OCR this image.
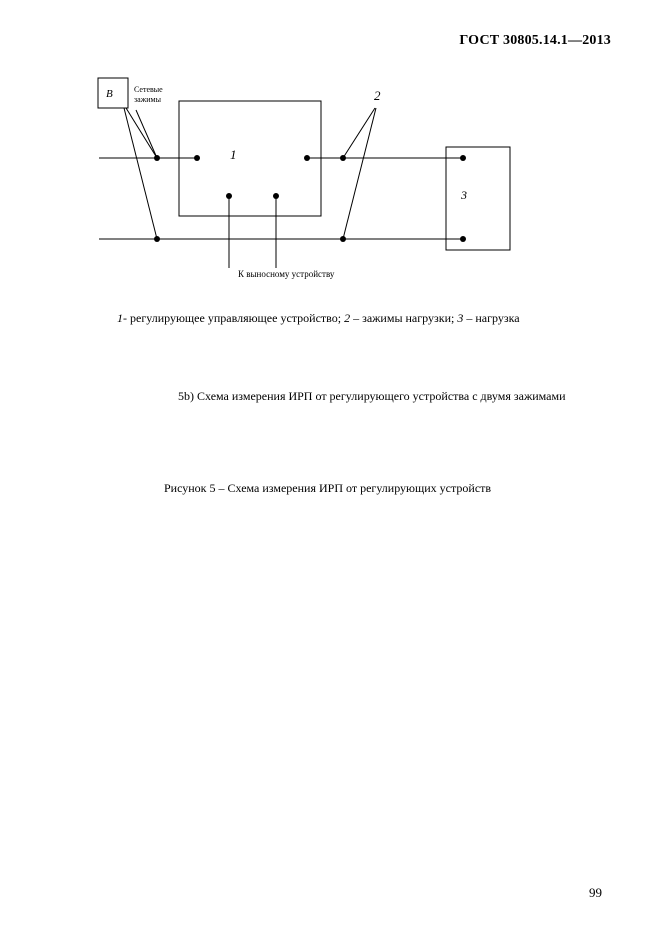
ГОСТ 30805.14.1—2013
B	Сетевые
зажимы
1
2
3
К выносному устройству
1- регулирующее управляющее устройство; 2 – зажимы нагрузки; 3 – нагрузка
5b) Схема измерения ИРП от регулирующего устройства с двумя зажимами
Рисунок 5 – Схема измерения ИРП от регулирующих устройств
99
